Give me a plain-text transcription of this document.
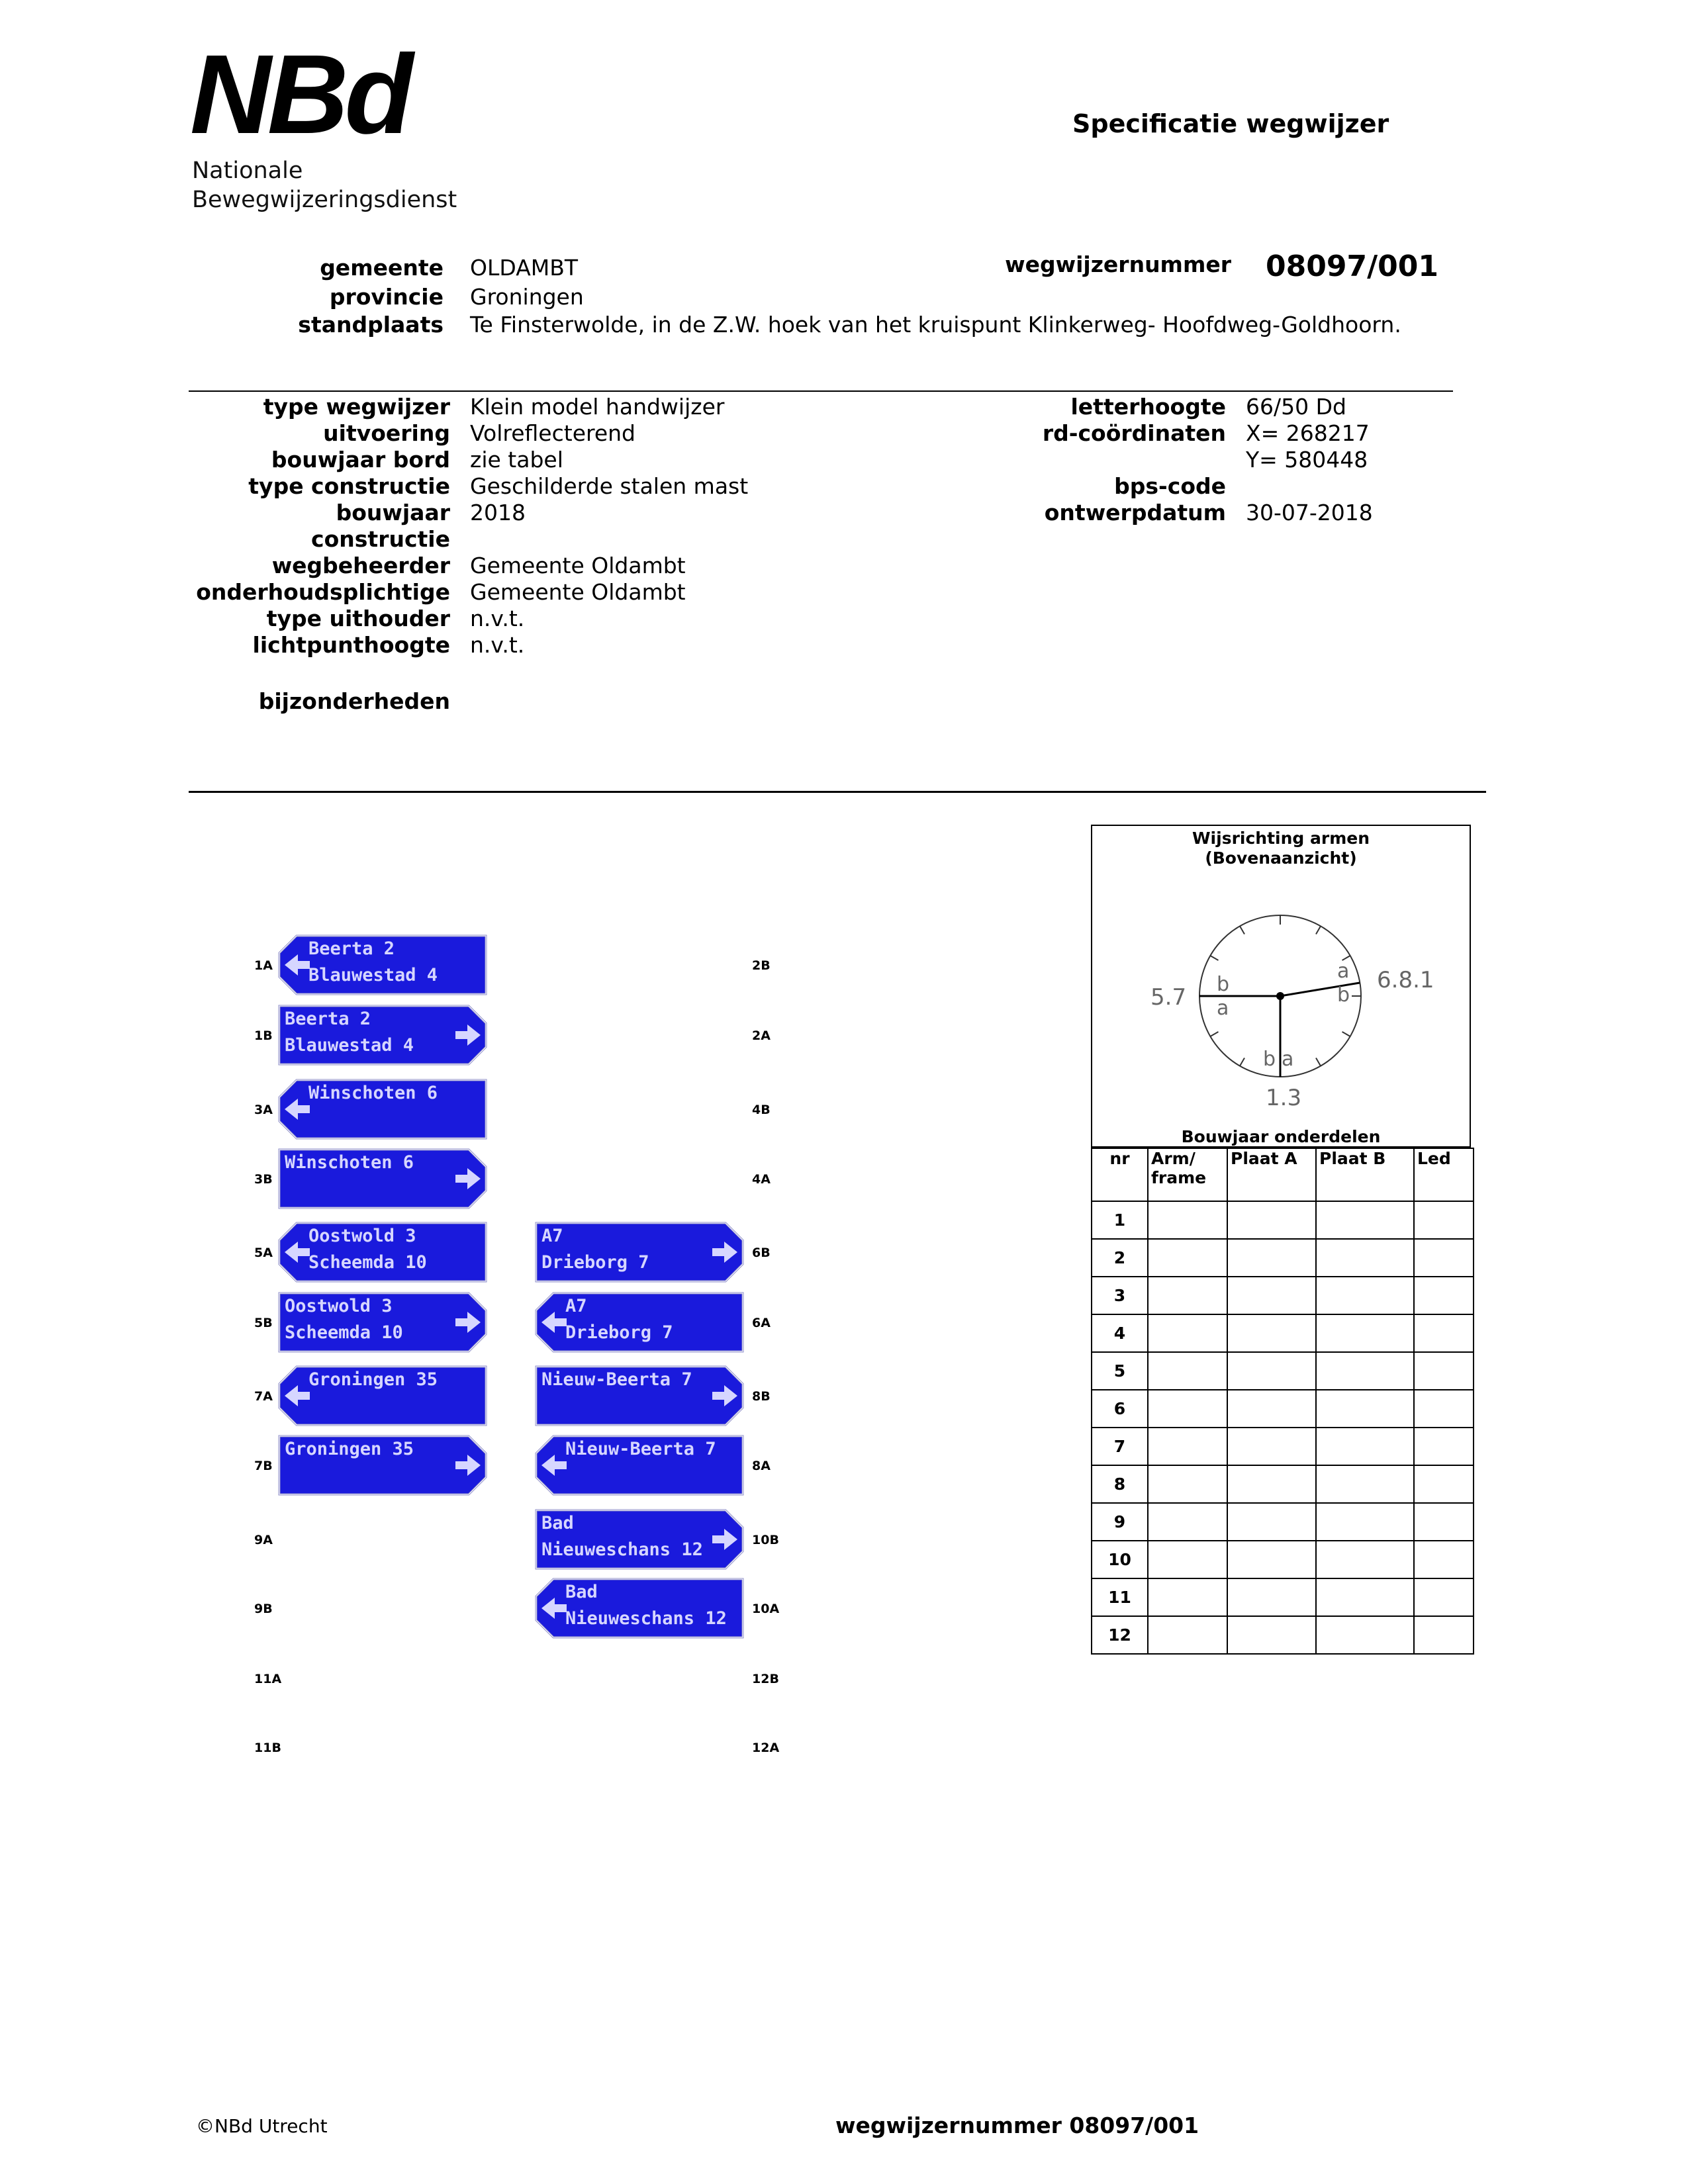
NBd
Nationale
Bewegwijzeringsdienst
Specificatie wegwijzer
gemeente OLDAMBT
provincie Groningen
standplaats Te Finsterwolde, in de Z.W. hoek van het kruispunt Klinkerweg- Hoofdweg-Goldhoorn.
wegwijzernummer 08097/001
type wegwijzer Klein model handwijzer
uitvoering Volreflecterend
bouwjaar bord zie tabel
type constructie Geschilderde stalen mast
bouwjaar 2018
constructie
wegbeheerder Gemeente Oldambt
onderhoudsplichtige Gemeente Oldambt
type uithouder n.v.t.
lichtpunthoogte n.v.t.
bijzonderheden
letterhoogte 66/50 Dd
rd-coördinaten X= 268217
Y= 580448
bps-code
ontwerpdatum 30-07-2018
1A
1B
3A
3B
5A
5B
7A
7B
9A
9B
11A
11B
2B
2A
4B
4A
6B
6A
8B
8A
10B
10A
12B
12A
Beerta 2
Blauwestad 4
Beerta 2
Blauwestad 4
Winschoten 6
Winschoten 6
Oostwold 3
Scheemda 10
Oostwold 3
Scheemda 10
Groningen 35
Groningen 35
A7
Drieborg 7
A7
Drieborg 7
Nieuw-Beerta 7
Nieuw-Beerta 7
Bad
Nieuweschans 12
Bad
Nieuweschans 12
Wijsrichting armen
(Bovenaanzicht)
5.7
6.8.1
1.3
b
a
a
b
b a
Bouwjaar onderdelen
nr	Arm/ frame	Plaat A	Plaat B	Led
1				
2				
3				
4				
5				
6				
7				
8				
9				
10				
11				
12				
©NBd Utrecht	wegwijzernummer 08097/001
